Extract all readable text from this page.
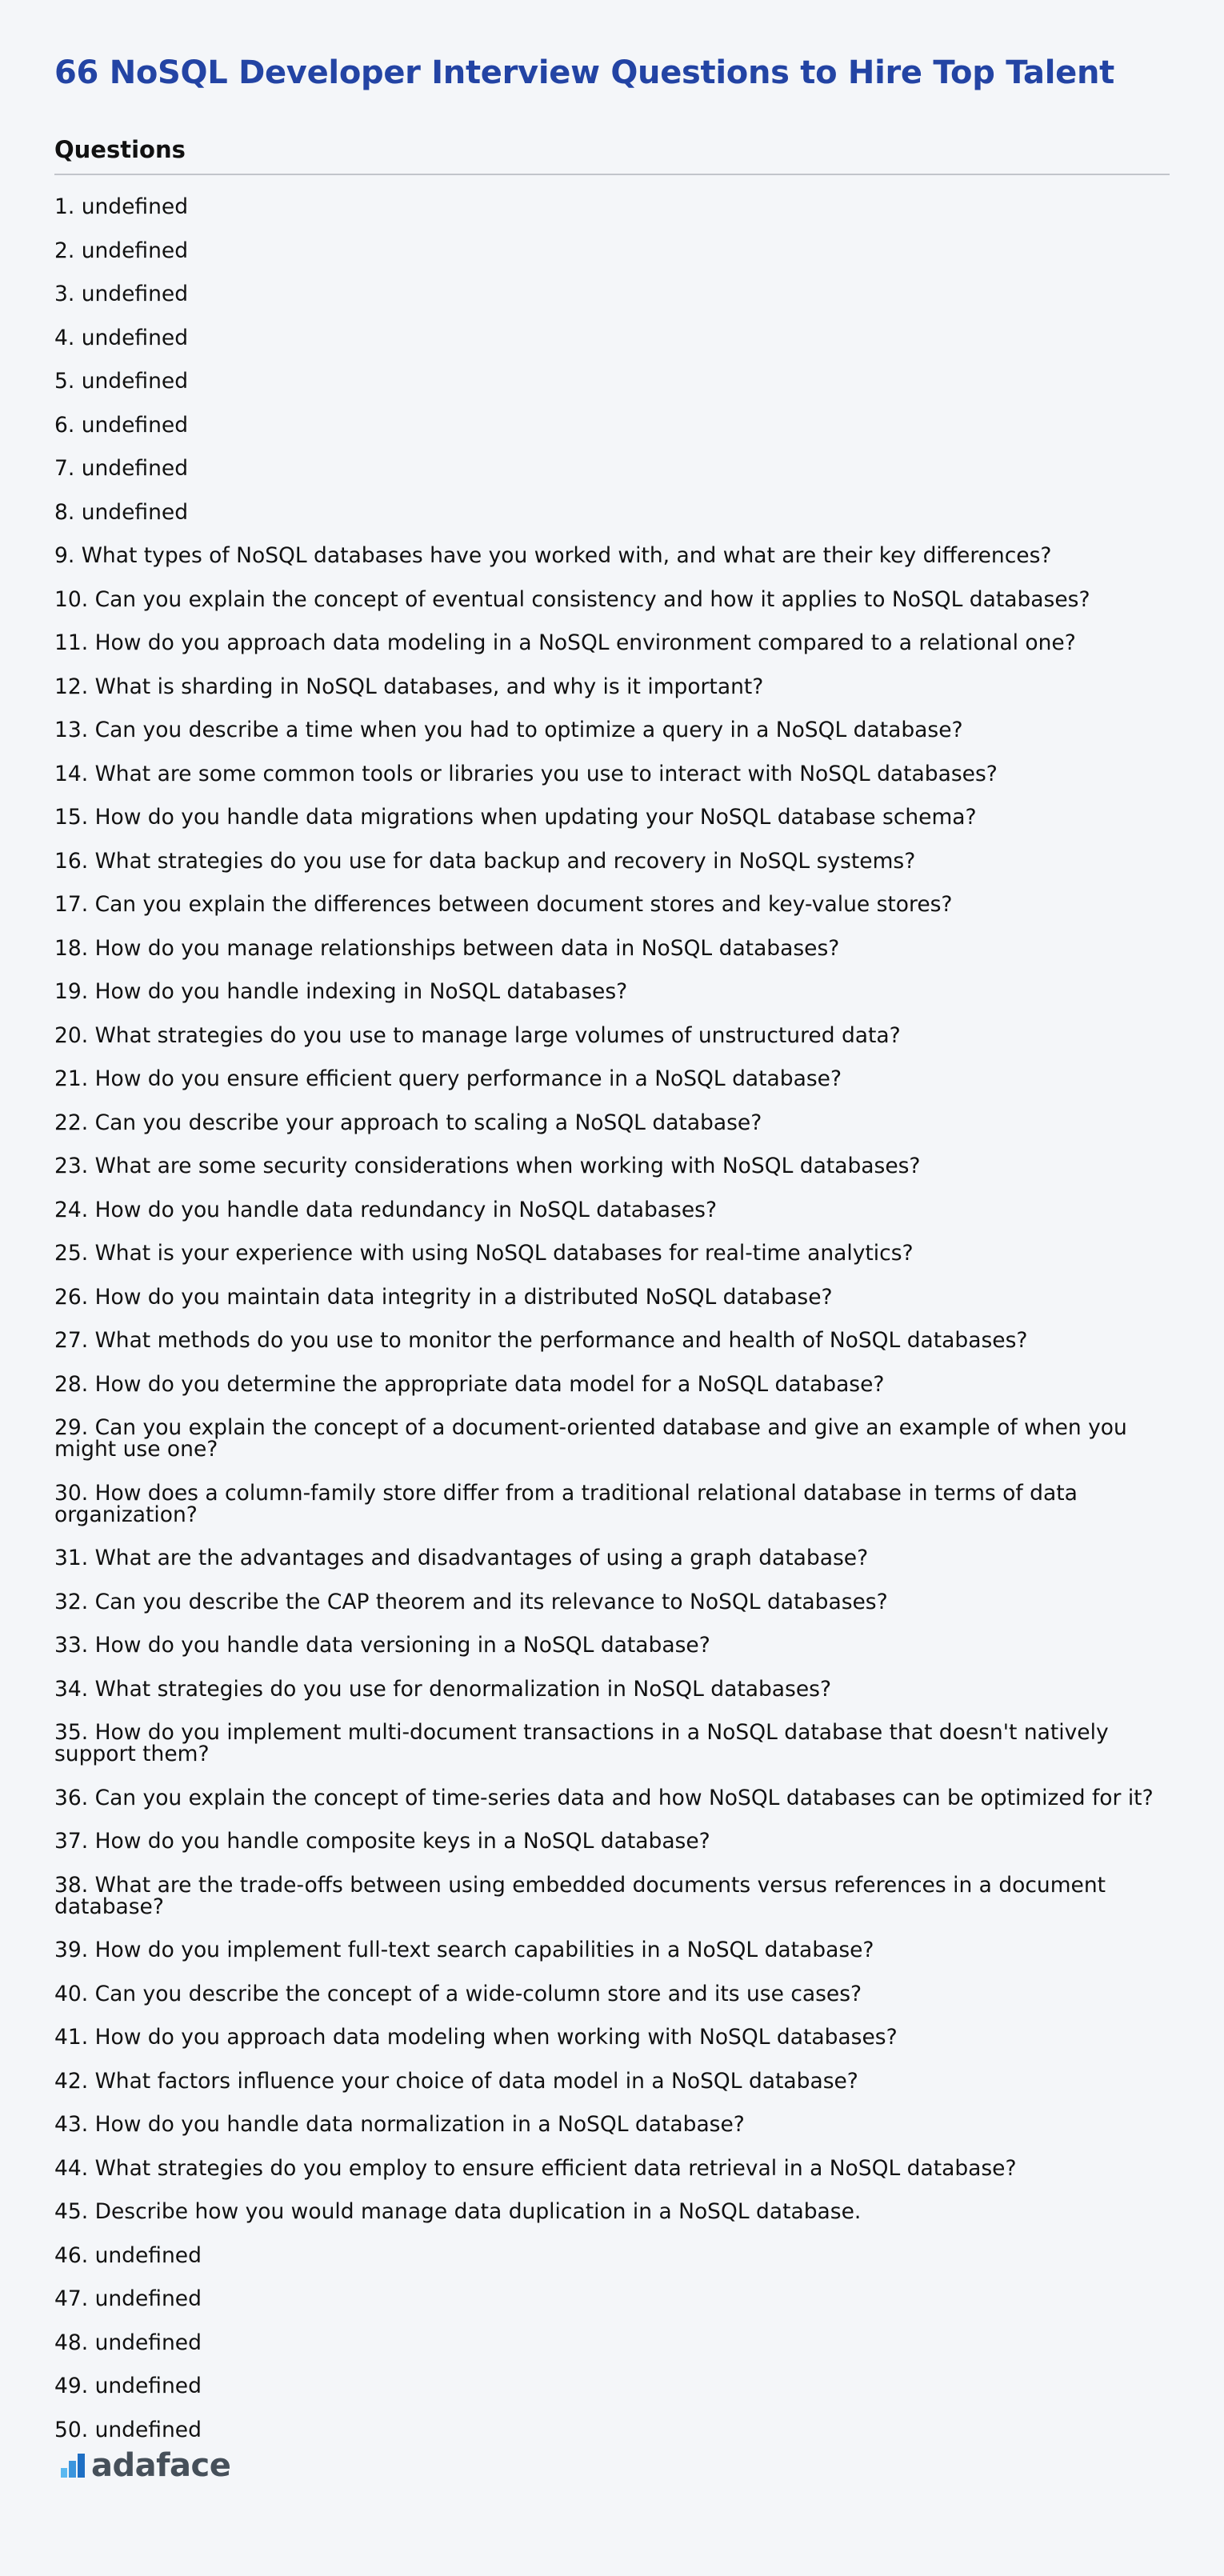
66 NoSQL Developer Interview Questions to Hire Top Talent
Questions
1. undefined
2. undefined
3. undefined
4. undefined
5. undefined
6. undefined
7. undefined
8. undefined
9. What types of NoSQL databases have you worked with, and what are their key differences?
10. Can you explain the concept of eventual consistency and how it applies to NoSQL databases?
11. How do you approach data modeling in a NoSQL environment compared to a relational one?
12. What is sharding in NoSQL databases, and why is it important?
13. Can you describe a time when you had to optimize a query in a NoSQL database?
14. What are some common tools or libraries you use to interact with NoSQL databases?
15. How do you handle data migrations when updating your NoSQL database schema?
16. What strategies do you use for data backup and recovery in NoSQL systems?
17. Can you explain the differences between document stores and key-value stores?
18. How do you manage relationships between data in NoSQL databases?
19. How do you handle indexing in NoSQL databases?
20. What strategies do you use to manage large volumes of unstructured data?
21. How do you ensure efficient query performance in a NoSQL database?
22. Can you describe your approach to scaling a NoSQL database?
23. What are some security considerations when working with NoSQL databases?
24. How do you handle data redundancy in NoSQL databases?
25. What is your experience with using NoSQL databases for real-time analytics?
26. How do you maintain data integrity in a distributed NoSQL database?
27. What methods do you use to monitor the performance and health of NoSQL databases?
28. How do you determine the appropriate data model for a NoSQL database?
29. Can you explain the concept of a document-oriented database and give an example of when you might use one?
30. How does a column-family store differ from a traditional relational database in terms of data organization?
31. What are the advantages and disadvantages of using a graph database?
32. Can you describe the CAP theorem and its relevance to NoSQL databases?
33. How do you handle data versioning in a NoSQL database?
34. What strategies do you use for denormalization in NoSQL databases?
35. How do you implement multi-document transactions in a NoSQL database that doesn't natively support them?
36. Can you explain the concept of time-series data and how NoSQL databases can be optimized for it?
37. How do you handle composite keys in a NoSQL database?
38. What are the trade-offs between using embedded documents versus references in a document database?
39. How do you implement full-text search capabilities in a NoSQL database?
40. Can you describe the concept of a wide-column store and its use cases?
41. How do you approach data modeling when working with NoSQL databases?
42. What factors influence your choice of data model in a NoSQL database?
43. How do you handle data normalization in a NoSQL database?
44. What strategies do you employ to ensure efficient data retrieval in a NoSQL database?
45. Describe how you would manage data duplication in a NoSQL database.
46. undefined
47. undefined
48. undefined
49. undefined
50. undefined
adaface
